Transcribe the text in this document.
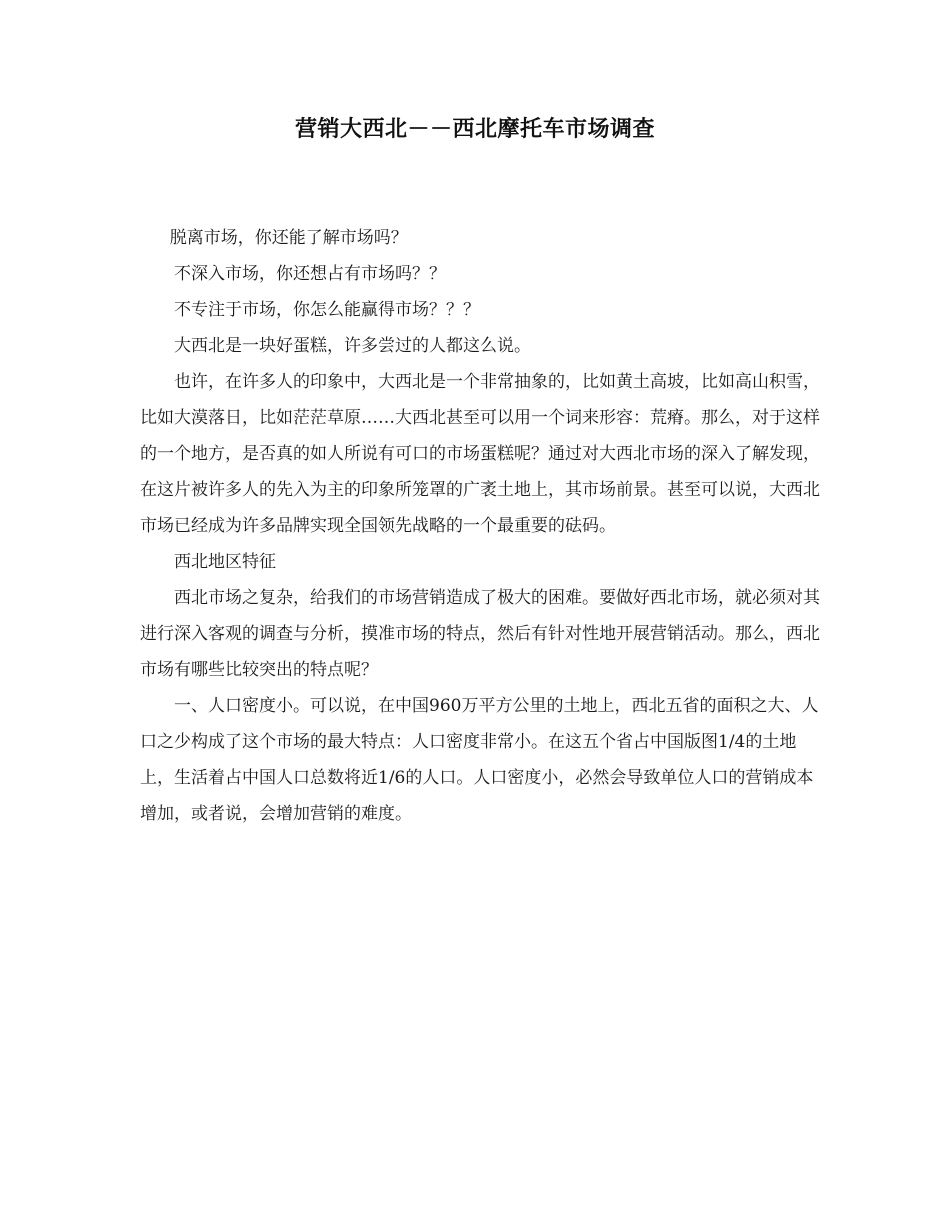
营销大西北－－西北摩托车市场调查

脱离市场，你还能了解市场吗？

不深入市场，你还想占有市场吗？？

不专注于市场，你怎么能赢得市场？？？

大西北是一块好蛋糕，许多尝过的人都这么说。

也许，在许多人的印象中，大西北是一个非常抽象的，比如黄土高坡，比如高山积雪，比如大漠落日，比如茫茫草原……大西北甚至可以用一个词来形容：荒瘠。那么，对于这样的一个地方，是否真的如人所说有可口的市场蛋糕呢？通过对大西北市场的深入了解发现，在这片被许多人的先入为主的印象所笼罩的广袤土地上，其市场前景。甚至可以说，大西北市场已经成为许多品牌实现全国领先战略的一个最重要的砝码。

西北地区特征

西北市场之复杂，给我们的市场营销造成了极大的困难。要做好西北市场，就必须对其进行深入客观的调查与分析，摸准市场的特点，然后有针对性地开展营销活动。那么，西北市场有哪些比较突出的特点呢？

一、人口密度小。可以说，在中国960万平方公里的土地上，西北五省的面积之大、人口之少构成了这个市场的最大特点：人口密度非常小。在这五个省占中国版图1/4的土地上，生活着占中国人口总数将近1/6的人口。人口密度小，必然会导致单位人口的营销成本增加，或者说，会增加营销的难度。
